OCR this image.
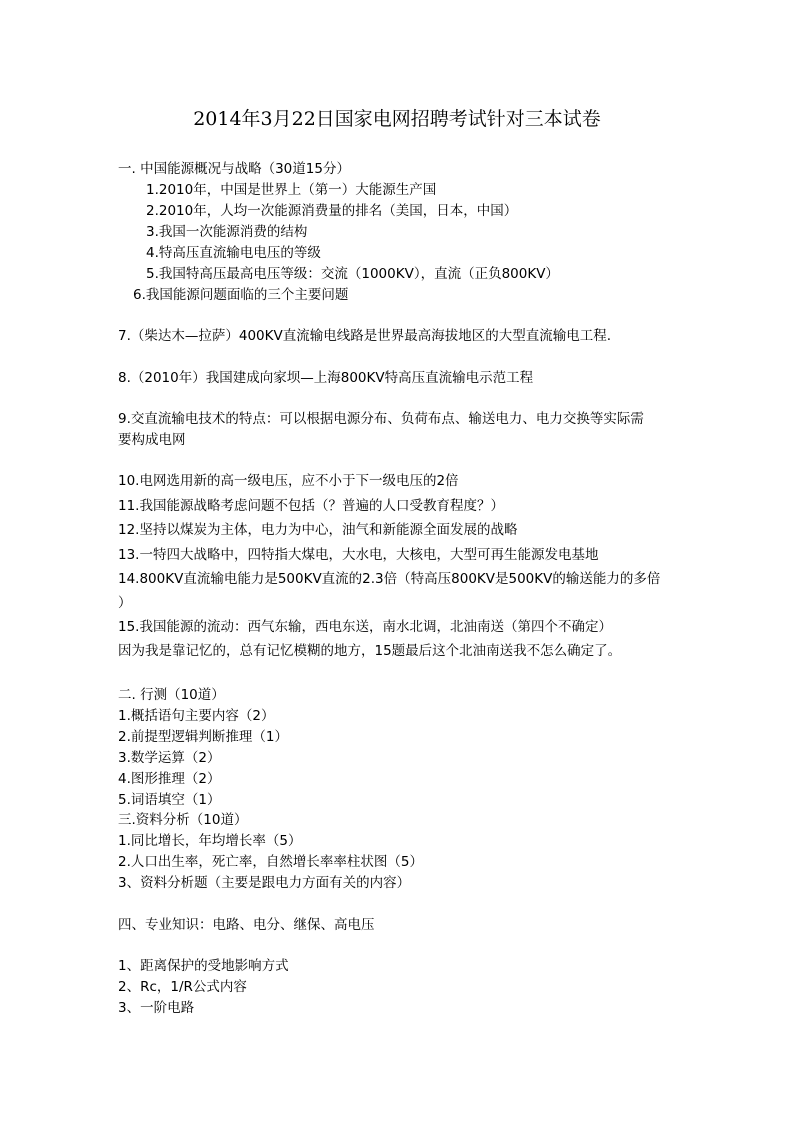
2014年3月22日国家电网招聘考试针对三本试卷
一. 中国能源概况与战略（30道15分）
1.2010年，中国是世界上（第一）大能源生产国
2.2010年，人均一次能源消费量的排名（美国，日本，中国）
3.我国一次能源消费的结构
4.特高压直流输电电压的等级
5.我国特高压最高电压等级：交流（1000KV），直流（正负800KV）
6.我国能源问题面临的三个主要问题
7.（柴达木—拉萨）400KV直流输电线路是世界最高海拔地区的大型直流输电工程.
8.（2010年）我国建成向家坝—上海800KV特高压直流输电示范工程
9.交直流输电技术的特点：可以根据电源分布、负荷布点、输送电力、电力交换等实际需
要构成电网
10.电网选用新的高一级电压，应不小于下一级电压的2倍
11.我国能源战略考虑问题不包括（？普遍的人口受教育程度？）
12.坚持以煤炭为主体，电力为中心，油气和新能源全面发展的战略
13.一特四大战略中，四特指大煤电，大水电，大核电，大型可再生能源发电基地
14.800KV直流输电能力是500KV直流的2.3倍（特高压800KV是500KV的输送能力的多倍
）
15.我国能源的流动：西气东输，西电东送，南水北调，北油南送（第四个不确定）
因为我是靠记忆的，总有记忆模糊的地方，15题最后这个北油南送我不怎么确定了。
二. 行测（10道）
1.概括语句主要内容（2）
2.前提型逻辑判断推理（1）
3.数学运算（2）
4.图形推理（2）
5.词语填空（1）
三.资料分析（10道）
1.同比增长，年均增长率（5）
2.人口出生率，死亡率，自然增长率率柱状图（5）
3、资料分析题（主要是跟电力方面有关的内容）
四、专业知识：电路、电分、继保、高电压
1、距离保护的受地影响方式
2、Rc，1/R公式内容
3、一阶电路
